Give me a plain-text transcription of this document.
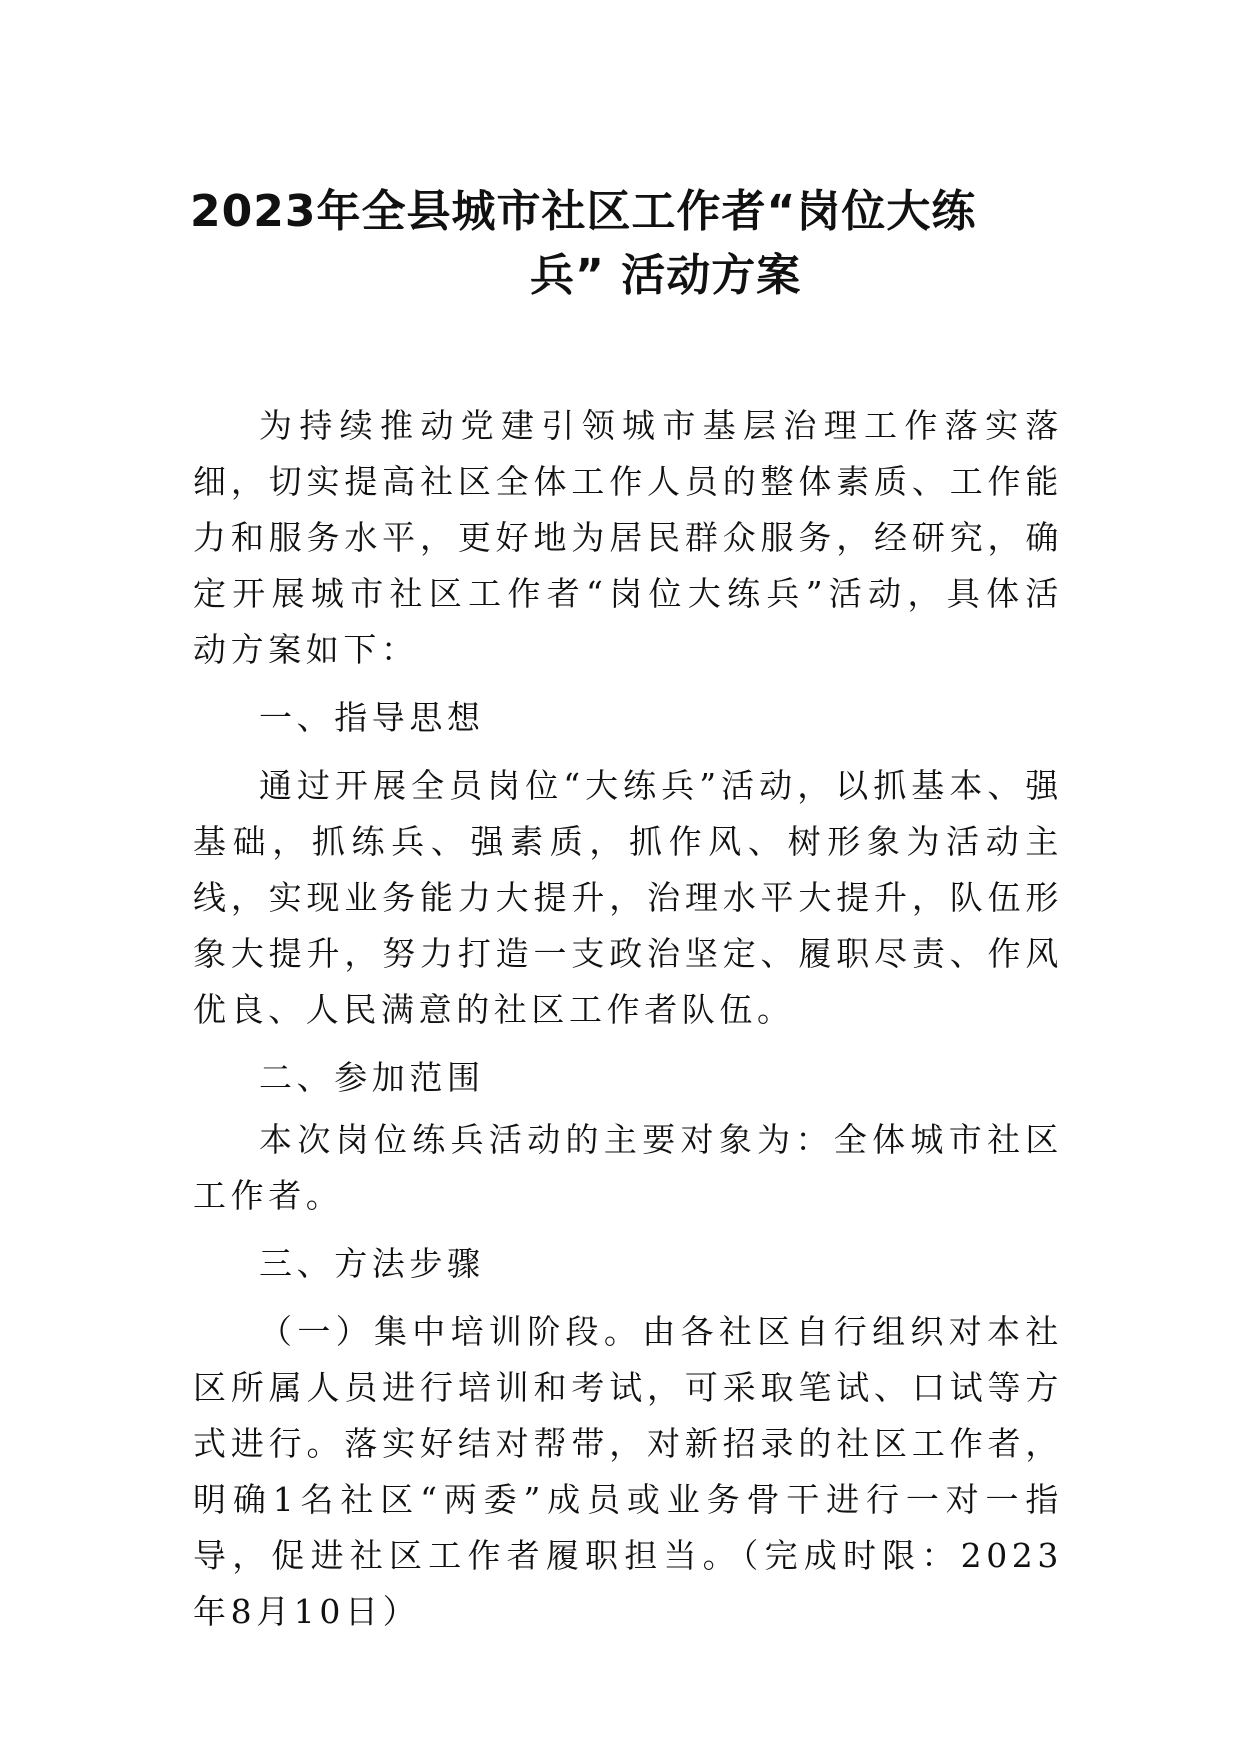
2023年全县城市社区工作者“岗位大练
兵” 活动方案

为持续推动党建引领城市基层治理工作落实落细，切实提高社区全体工作人员的整体素质、工作能力和服务水平，更好地为居民群众服务，经研究，确定开展城市社区工作者“岗位大练兵”活动，具体活动方案如下：

一、指导思想

通过开展全员岗位“大练兵”活动，以抓基本、强基础，抓练兵、强素质，抓作风、树形象为活动主线，实现业务能力大提升，治理水平大提升，队伍形象大提升，努力打造一支政治坚定、履职尽责、作风优良、人民满意的社区工作者队伍。

二、参加范围

本次岗位练兵活动的主要对象为：全体城市社区工作者。

三、方法步骤

（一）集中培训阶段。由各社区自行组织对本社区所属人员进行培训和考试，可采取笔试、口试等方式进行。落实好结对帮带，对新招录的社区工作者，明确1名社区“两委”成员或业务骨干进行一对一指导，促进社区工作者履职担当。（完成时限：2023年8月10日）
